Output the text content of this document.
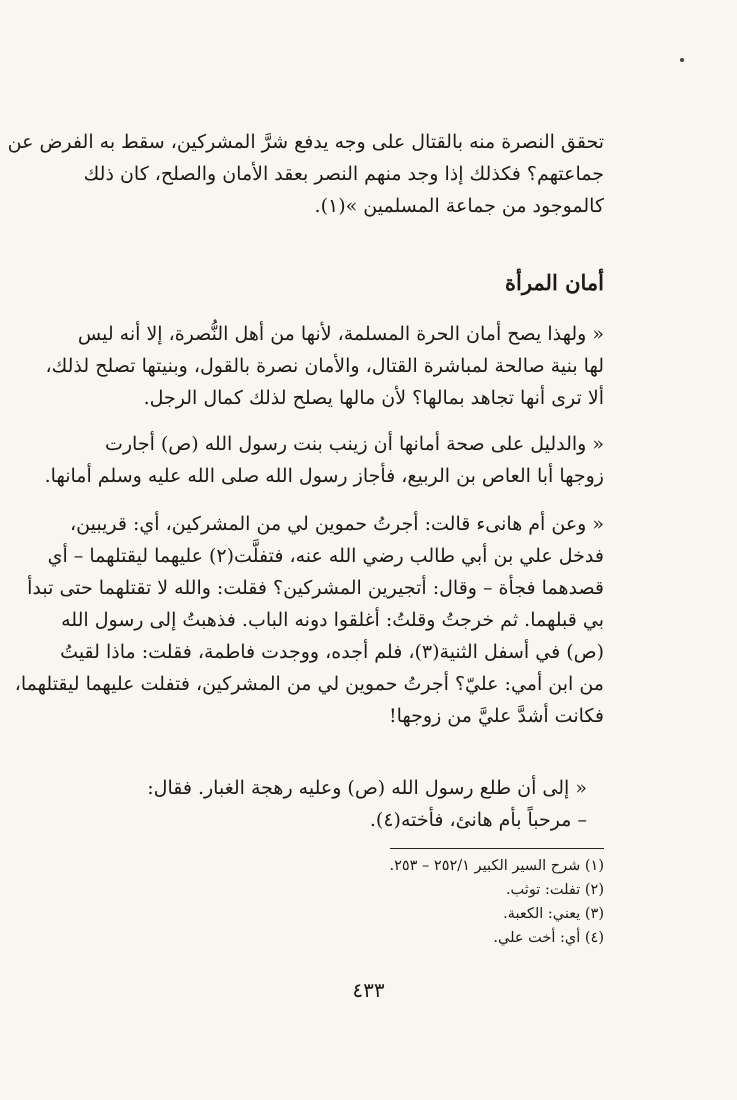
تحقق النصرة منه بالقتال على وجه يدفع شرَّ المشركين، سقط به الفرض عن
جماعتهم؟ فكذلك إذا وجد منهم النصر بعقد الأمان والصلح، كان ذلك
كالموجود من جماعة المسلمين »(١).
أمان المرأة
« ولهذا يصح أمان الحرة المسلمة، لأنها من أهل النُّصرة، إلا أنه ليس
لها بنية صالحة لمباشرة القتال، والأمان نصرة بالقول، وبنيتها تصلح لذلك،
ألا ترى أنها تجاهد بمالها؟ لأن مالها يصلح لذلك كمال الرجل.
« والدليل على صحة أمانها أن زينب بنت رسول الله (ص) أجارت
زوجها أبا العاص بن الربيع، فأجاز رسول الله صلى الله عليه وسلم أمانها.
« وعن أم هانىء قالت: أجرتُ حموين لي من المشركين، أي: قريبين،
فدخل علي بن أبي طالب رضي الله عنه، فتفلَّت(٢) عليهما ليقتلهما – أي
قصدهما فجأة – وقال: أتجيرين المشركين؟ فقلت: والله لا تقتلهما حتى تبدأ
بي قبلهما. ثم خرجتُ وقلتُ: أغلقوا دونه الباب. فذهبتُ إلى رسول الله
(ص) في أسفل الثنية(٣)، فلم أجده، ووجدت فاطمة، فقلت: ماذا لقيتُ
من ابن أمي: عليّ؟ أجرتُ حموين لي من المشركين، فتفلت عليهما ليقتلهما،
فكانت أشدَّ عليَّ من زوجها!
« إلى أن طلع رسول الله (ص) وعليه رهجة الغبار. فقال:
– مرحباً بأم هانئ، فأخته(٤).
(١) شرح السير الكبير ٢٥٢/١ – ٢٥٣.
(٢) تفلت: توثب.
(٣) يعني: الكعبة.
(٤) أي: أخت علي.
٤٣٣
